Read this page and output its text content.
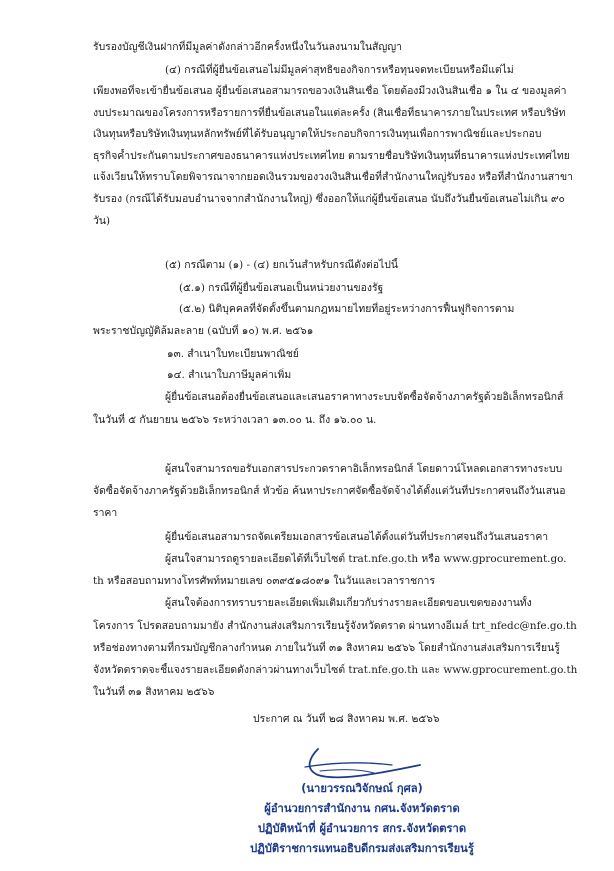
รับรองบัญชีเงินฝากที่มีมูลค่าดังกล่าวอีกครั้งหนึ่งในวันลงนามในสัญญา
(๔) กรณีที่ผู้ยื่นข้อเสนอไม่มีมูลค่าสุทธิของกิจการหรือทุนจดทะเบียนหรือมีแต่ไม่
เพียงพอที่จะเข้ายื่นข้อเสนอ ผู้ยื่นข้อเสนอสามารถขอวงเงินสินเชื่อ โดยต้องมีวงเงินสินเชื่อ ๑ ใน ๔ ของมูลค่า
งบประมาณของโครงการหรือรายการที่ยื่นข้อเสนอในแต่ละครั้ง (สินเชื่อที่ธนาคารภายในประเทศ หรือบริษัท
เงินทุนหรือบริษัทเงินทุนหลักทรัพย์ที่ได้รับอนุญาตให้ประกอบกิจการเงินทุนเพื่อการพาณิชย์และประกอบ
ธุรกิจค้ำประกันตามประกาศของธนาคารแห่งประเทศไทย ตามรายชื่อบริษัทเงินทุนที่ธนาคารแห่งประเทศไทย
แจ้งเวียนให้ทราบโดยพิจารณาจากยอดเงินรวมของวงเงินสินเชื่อที่สำนักงานใหญ่รับรอง หรือที่สำนักงานสาขา
รับรอง (กรณีได้รับมอบอำนาจจากสำนักงานใหญ่) ซึ่งออกให้แก่ผู้ยื่นข้อเสนอ นับถึงวันยื่นข้อเสนอไม่เกิน ๙๐
วัน)
(๕) กรณีตาม (๑) - (๔) ยกเว้นสำหรับกรณีดังต่อไปนี้
(๕.๑) กรณีที่ผู้ยื่นข้อเสนอเป็นหน่วยงานของรัฐ
(๕.๒) นิติบุคคลที่จัดตั้งขึ้นตามกฎหมายไทยที่อยู่ระหว่างการฟื้นฟูกิจการตาม
พระราชบัญญัติล้มละลาย (ฉบับที่ ๑๐) พ.ศ. ๒๕๖๑
๑๓. สำเนาใบทะเบียนพาณิชย์
๑๔. สำเนาใบภาษีมูลค่าเพิ่ม
ผู้ยื่นข้อเสนอต้องยื่นข้อเสนอและเสนอราคาทางระบบจัดซื้อจัดจ้างภาครัฐด้วยอิเล็กทรอนิกส์
ในวันที่ ๕ กันยายน ๒๕๖๖ ระหว่างเวลา ๑๓.๐๐ น. ถึง ๑๖.๐๐ น.
ผู้สนใจสามารถขอรับเอกสารประกวดราคาอิเล็กทรอนิกส์ โดยดาวน์โหลดเอกสารทางระบบ
จัดซื้อจัดจ้างภาครัฐด้วยอิเล็กทรอนิกส์ หัวข้อ ค้นหาประกาศจัดซื้อจัดจ้างได้ตั้งแต่วันที่ประกาศจนถึงวันเสนอ
ราคา
ผู้ยื่นข้อเสนอสามารถจัดเตรียมเอกสารข้อเสนอได้ตั้งแต่วันที่ประกาศจนถึงวันเสนอราคา
ผู้สนใจสามารถดูรายละเอียดได้ที่เว็บไซต์ trat.nfe.go.th หรือ www.gprocurement.go.
th หรือสอบถามทางโทรศัพท์หมายเลข ๐๓๙๕๑๘๐๙๑ ในวันและเวลาราชการ
ผู้สนใจต้องการทราบรายละเอียดเพิ่มเติมเกี่ยวกับร่างรายละเอียดขอบเขตของงานทั้ง
โครงการ โปรดสอบถามมายัง สำนักงานส่งเสริมการเรียนรู้จังหวัดตราด ผ่านทางอีเมล์ trt_nfedc@nfe.go.th
หรือช่องทางตามที่กรมบัญชีกลางกำหนด ภายในวันที่ ๓๑ สิงหาคม ๒๕๖๖ โดยสำนักงานส่งเสริมการเรียนรู้
จังหวัดตราดจะชี้แจงรายละเอียดดังกล่าวผ่านทางเว็บไซต์ trat.nfe.go.th และ www.gprocurement.go.th
ในวันที่ ๓๑ สิงหาคม ๒๕๖๖
ประกาศ ณ วันที่ ๒๘ สิงหาคม พ.ศ. ๒๕๖๖
(นายวรรณวิจักษณ์ กุศล)
ผู้อำนวยการสำนักงาน กศน.จังหวัดตราด
ปฏิบัติหน้าที่ ผู้อำนวยการ สกร.จังหวัดตราด
ปฏิบัติราชการแทนอธิบดีกรมส่งเสริมการเรียนรู้
